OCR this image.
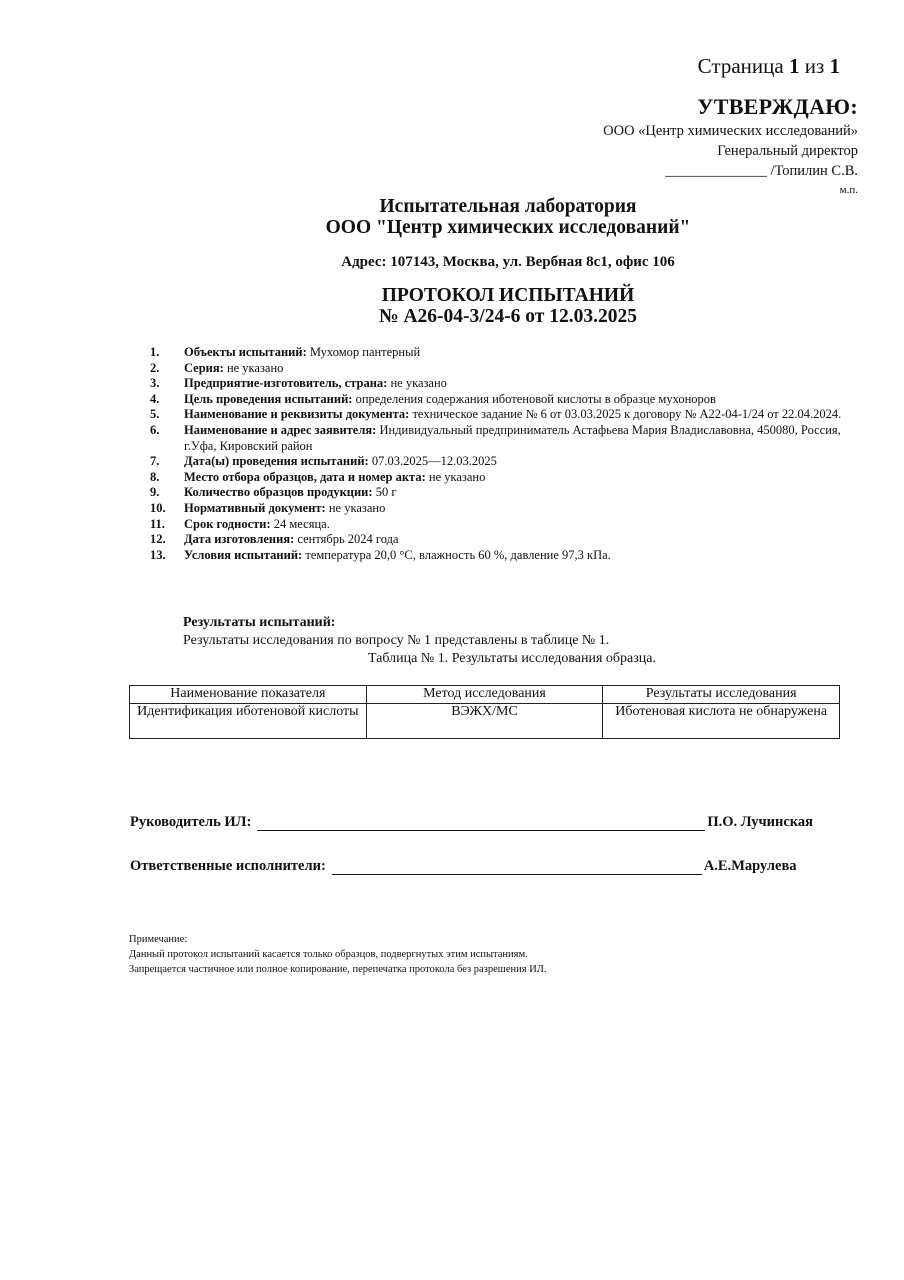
Страница 1 из 1
УТВЕРЖДАЮ:
ООО «Центр химических исследований»
Генеральный директор
______________ /Топилин С.В.
м.п.
Испытательная лаборатория
ООО "Центр химических исследований"
Адрес: 107143, Москва, ул. Вербная 8с1, офис 106
ПРОТОКОЛ ИСПЫТАНИЙ
№ А26-04-3/24-6 от 12.03.2025
1.	Объекты испытаний: Мухомор пантерный
2.	Серия: не указано
3.	Предприятие-изготовитель, страна: не указано
4.	Цель проведения испытаний: определения содержания иботеновой кислоты в образце мухоноров
5.	Наименование и реквизиты документа: техническое задание № 6 от 03.03.2025 к договору № А22-04-1/24 от 22.04.2024.
6.	Наименование и адрес заявителя: Индивидуальный предприниматель Астафьева Мария Владиславовна, 450080, Россия, г.Уфа, Кировский район
7.	Дата(ы) проведения испытаний: 07.03.2025—12.03.2025
8.	Место отбора образцов, дата и номер акта: не указано
9.	Количество образцов продукции: 50 г
10.	Нормативный документ: не указано
11.	Срок годности: 24 месяца.
12.	Дата изготовления: сентябрь 2024 года
13.	Условия испытаний: температура 20,0 °С, влажность 60 %, давление 97,3 кПа.
Результаты испытаний:
Результаты исследования по вопросу № 1 представлены в таблице № 1.
Таблица № 1. Результаты исследования образца.
Наименование показателя	Метод исследования	Результаты исследования
Идентификация иботеновой кислоты	ВЭЖХ/МС	Иботеновая кислота не обнаружена
Руководитель ИЛ:	П.О. Лучинская
Ответственные исполнители:	А.Е.Марулева
Примечание:
Данный протокол испытаний касается только образцов, подвергнутых этим испытаниям.
Запрещается частичное или полное копирование, перепечатка протокола без разрешения ИЛ.
